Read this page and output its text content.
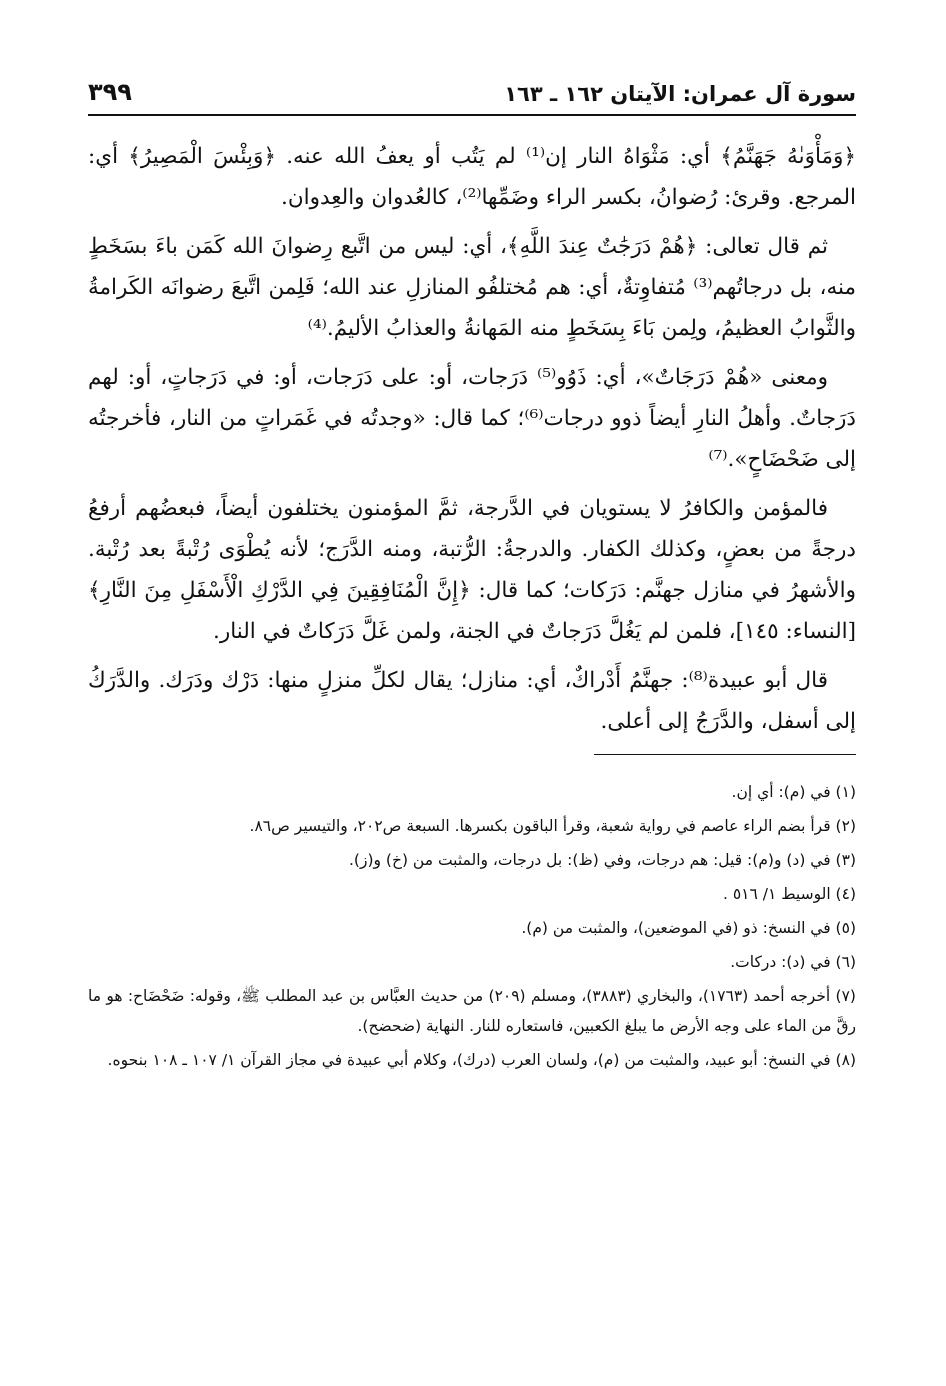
سورة آل عمران: الآيتان ١٦٢ ـ ١٦٣
٣٩٩

﴿وَمَأْوَىٰهُ جَهَنَّمُ﴾ أي: مَثْوَاهُ النار إن⁽¹⁾ لم يَتُب أو يعفُ الله عنه. ﴿وَبِئْسَ الْمَصِيرُ﴾ أي: المرجع. وقرئ: رُضوانُ، بكسر الراء وضَمِّها⁽²⁾، كالعُدوان والعِدوان.

ثم قال تعالى: ﴿هُمْ دَرَجَٰتٌ عِندَ اللَّهِ﴾، أي: ليس من اتَّبع رِضوانَ الله كَمَن باءَ بسَخَطٍ منه، بل درجاتُهم⁽³⁾ مُتفاوِتةٌ، أي: هم مُختلفُو المنازلِ عند الله؛ فَلِمن اتَّبعَ رضوانَه الكَرامةُ والثَّوابُ العظيمُ، ولِمن بَاءَ بِسَخَطٍ منه المَهانةُ والعذابُ الأليمُ.⁽⁴⁾

ومعنى «هُمْ دَرَجَاتٌ»، أي: ذَوُو⁽⁵⁾ دَرَجات، أو: على دَرَجات، أو: في دَرَجاتٍ، أو: لهم دَرَجاتٌ. وأهلُ النارِ أيضاً ذوو درجات⁽⁶⁾؛ كما قال: «وجدتُه في غَمَراتٍ من النار، فأخرجتُه إلى ضَحْضَاحٍ».⁽⁷⁾

فالمؤمن والكافرُ لا يستويان في الدَّرجة، ثمَّ المؤمنون يختلفون أيضاً، فبعضُهم أرفعُ درجةً من بعضٍ، وكذلك الكفار. والدرجةُ: الرُّتبة، ومنه الدَّرَج؛ لأنه يُطْوَى رُتْبةً بعد رُتْبة. والأشهرُ في منازل جهنَّم: دَرَكات؛ كما قال: ﴿إِنَّ الْمُنَافِقِينَ فِي الدَّرْكِ الْأَسْفَلِ مِنَ النَّارِ﴾ [النساء: ١٤٥]، فلمن لم يَغُلَّ دَرَجاتٌ في الجنة، ولمن غَلَّ دَرَكاتٌ في النار.

قال أبو عبيدة⁽⁸⁾: جهنَّمُ أَدْراكٌ، أي: منازل؛ يقال لكلِّ منزلٍ منها: دَرْك ودَرَك. والدَّرَكُ إلى أسفل، والدَّرَجُ إلى أعلى.

(١) في (م): أي إن.

(٢) قرأ بضم الراء عاصم في رواية شعبة، وقرأ الباقون بكسرها. السبعة ص٢٠٢، والتيسير ص٨٦.

(٣) في (د) و(م): قيل: هم درجات، وفي (ظ): بل درجات، والمثبت من (خ) و(ز).

(٤) الوسيط ١/ ٥١٦ .

(٥) في النسخ: ذو (في الموضعين)، والمثبت من (م).

(٦) في (د): دركات.

(٧) أخرجه أحمد (١٧٦٣)، والبخاري (٣٨٨٣)، ومسلم (٢٠٩) من حديث العبَّاس بن عبد المطلب ﷺ، وقوله: ضَحْضَاح: هو ما رقَّ من الماء على وجه الأرض ما يبلغ الكعبين، فاستعاره للنار. النهاية (ضحضح).

(٨) في النسخ: أبو عبيد، والمثبت من (م)، ولسان العرب (درك)، وكلام أبي عبيدة في مجاز القرآن ١/ ١٠٧ ـ ١٠٨ بنحوه.
